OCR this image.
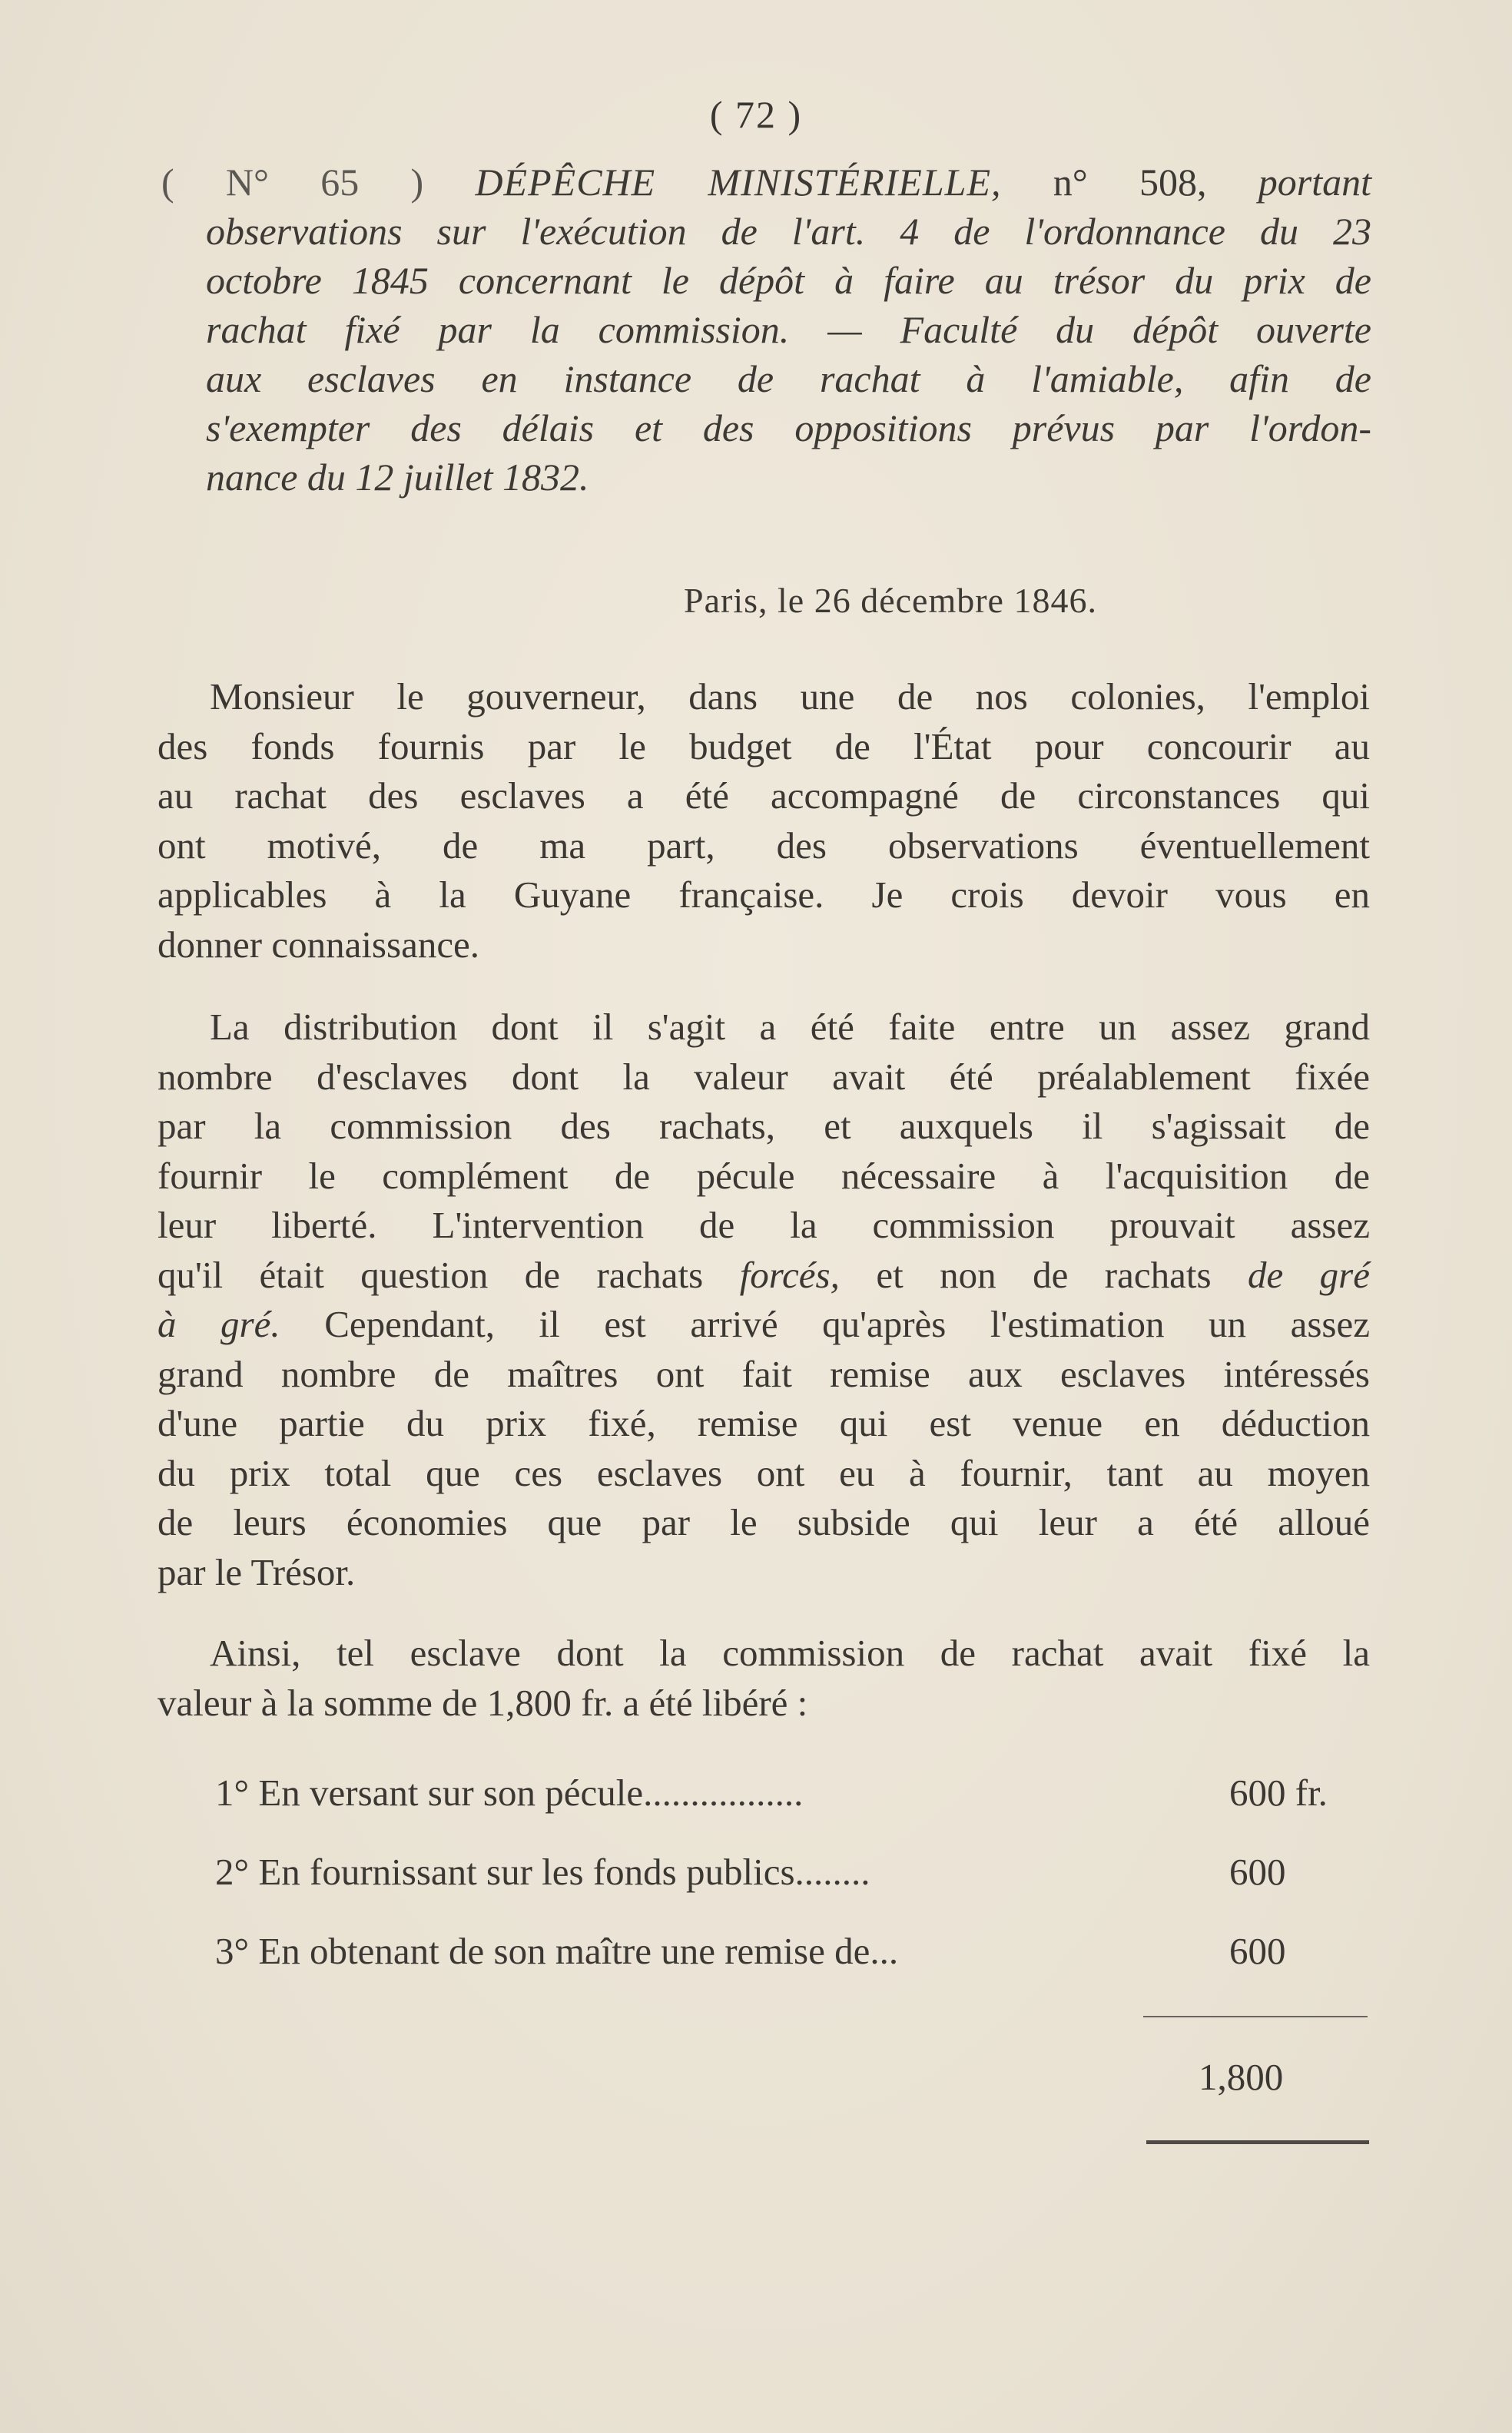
( 72 )
( N° 65 ) DÉPÊCHE MINISTÉRIELLE, n° 508, portant
observations sur l'exécution de l'art. 4 de l'ordonnance du 23
octobre 1845 concernant le dépôt à faire au trésor du prix de
rachat fixé par la commission. — Faculté du dépôt ouverte
aux esclaves en instance de rachat à l'amiable, afin de
s'exempter des délais et des oppositions prévus par l'ordon-
nance du 12 juillet 1832.
Paris, le 26 décembre 1846.

Monsieur le gouverneur, dans une de nos colonies, l'emploi
des fonds fournis par le budget de l'État pour concourir au
au rachat des esclaves a été accompagné de circonstances qui
ont motivé, de ma part, des observations éventuellement
applicables à la Guyane française. Je crois devoir vous en
donner connaissance.

La distribution dont il s'agit a été faite entre un assez grand
nombre d'esclaves dont la valeur avait été préalablement fixée
par la commission des rachats, et auxquels il s'agissait de
fournir le complément de pécule nécessaire à l'acquisition de
leur liberté. L'intervention de la commission prouvait assez
qu'il était question de rachats forcés, et non de rachats de gré
à gré. Cependant, il est arrivé qu'après l'estimation un assez
grand nombre de maîtres ont fait remise aux esclaves intéressés
d'une partie du prix fixé, remise qui est venue en déduction
du prix total que ces esclaves ont eu à fournir, tant au moyen
de leurs économies que par le subside qui leur a été alloué
par le Trésor.

Ainsi, tel esclave dont la commission de rachat avait fixé la
valeur à la somme de 1,800 fr. a été libéré :

1° En versant sur son pécule.................	600 fr.
2° En fournissant sur les fonds publics........	600
3° En obtenant de son maître une remise de...	600
1,800
